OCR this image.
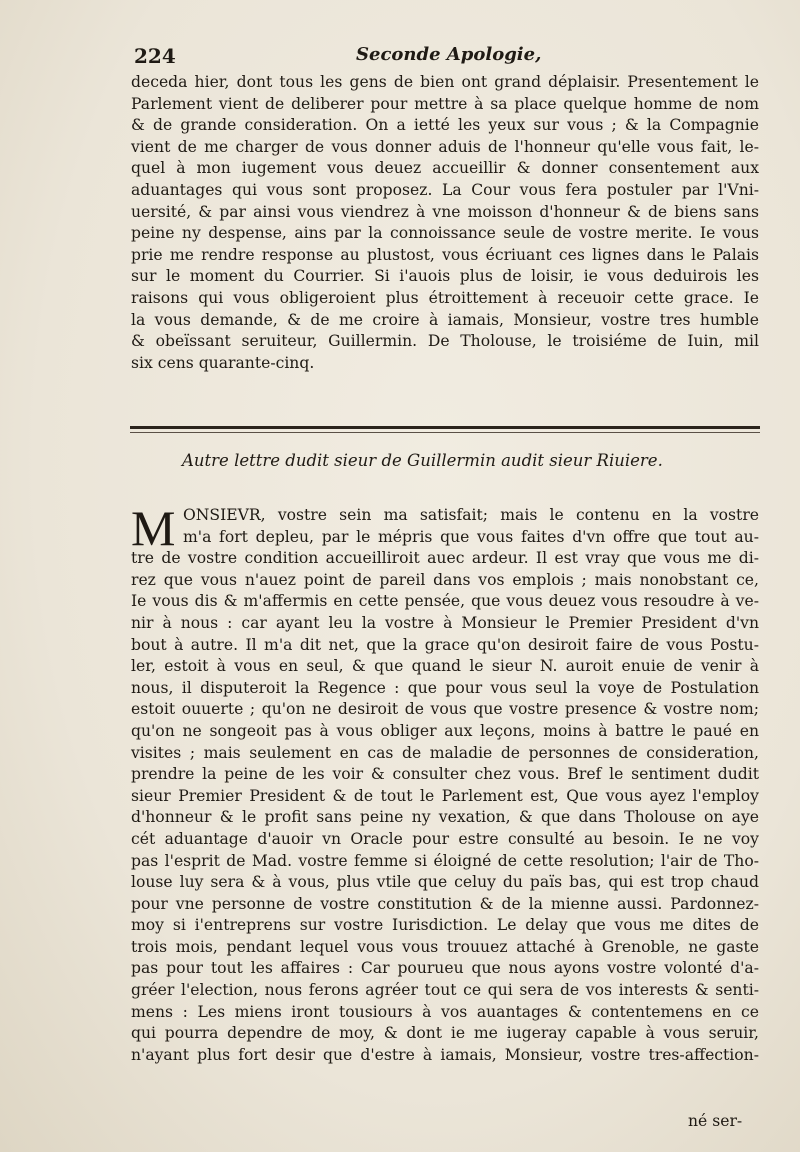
224	Seconde Apologie,
deceda hier, dont tous les gens de bien ont grand déplaisir. Presentement le
Parlement vient de deliberer pour mettre à sa place quelque homme de nom
& de grande consideration. On a ietté les yeux sur vous ; & la Compagnie
vient de me charger de vous donner aduis de l'honneur qu'elle vous fait, le-
quel à mon iugement vous deuez accueillir & donner consentement aux
aduantages qui vous sont proposez. La Cour vous fera postuler par l'Vni-
uersité, & par ainsi vous viendrez à vne moisson d'honneur & de biens sans
peine ny despense, ains par la connoissance seule de vostre merite. Ie vous
prie me rendre response au plustost, vous écriuant ces lignes dans le Palais
sur le moment du Courrier. Si i'auois plus de loisir, ie vous deduirois les
raisons qui vous obligeroient plus étroittement à receuoir cette grace. Ie
la vous demande, & de me croire à iamais, Monsieur, vostre tres humble
& obeïssant seruiteur, Guillermin. De Tholouse, le troisiéme de Iuin, mil
six cens quarante-cinq.
Autre lettre dudit sieur de Guillermin audit sieur Riuiere.
M ONSIEVR, vostre sein ma satisfait; mais le contenu en la vostre
m'a fort depleu, par le mépris que vous faites d'vn offre que tout au-
tre de vostre condition accueilliroit auec ardeur. Il est vray que vous me di-
rez que vous n'auez point de pareil dans vos emplois ; mais nonobstant ce,
Ie vous dis & m'affermis en cette pensée, que vous deuez vous resoudre à ve-
nir à nous : car ayant leu la vostre à Monsieur le Premier President d'vn
bout à autre. Il m'a dit net, que la grace qu'on desiroit faire de vous Postu-
ler, estoit à vous en seul, & que quand le sieur N. auroit enuie de venir à
nous, il disputeroit la Regence : que pour vous seul la voye de Postulation
estoit ouuerte ; qu'on ne desiroit de vous que vostre presence & vostre nom;
qu'on ne songeoit pas à vous obliger aux leçons, moins à battre le paué en
visites ; mais seulement en cas de maladie de personnes de consideration,
prendre la peine de les voir & consulter chez vous. Bref le sentiment dudit
sieur Premier President & de tout le Parlement est, Que vous ayez l'employ
d'honneur & le profit sans peine ny vexation, & que dans Tholouse on aye
cét aduantage d'auoir vn Oracle pour estre consulté au besoin. Ie ne voy
pas l'esprit de Mad. vostre femme si éloigné de cette resolution; l'air de Tho-
louse luy sera & à vous, plus vtile que celuy du païs bas, qui est trop chaud
pour vne personne de vostre constitution & de la mienne aussi. Pardonnez-
moy si i'entreprens sur vostre Iurisdiction. Le delay que vous me dites de
trois mois, pendant lequel vous vous trouuez attaché à Grenoble, ne gaste
pas pour tout les affaires : Car pourueu que nous ayons vostre volonté d'a-
gréer l'election, nous ferons agréer tout ce qui sera de vos interests & senti-
mens : Les miens iront tousiours à vos auantages & contentemens en ce
qui pourra dependre de moy, & dont ie me iugeray capable à vous seruir,
n'ayant plus fort desir que d'estre à iamais, Monsieur, vostre tres-affection-
né ser-
